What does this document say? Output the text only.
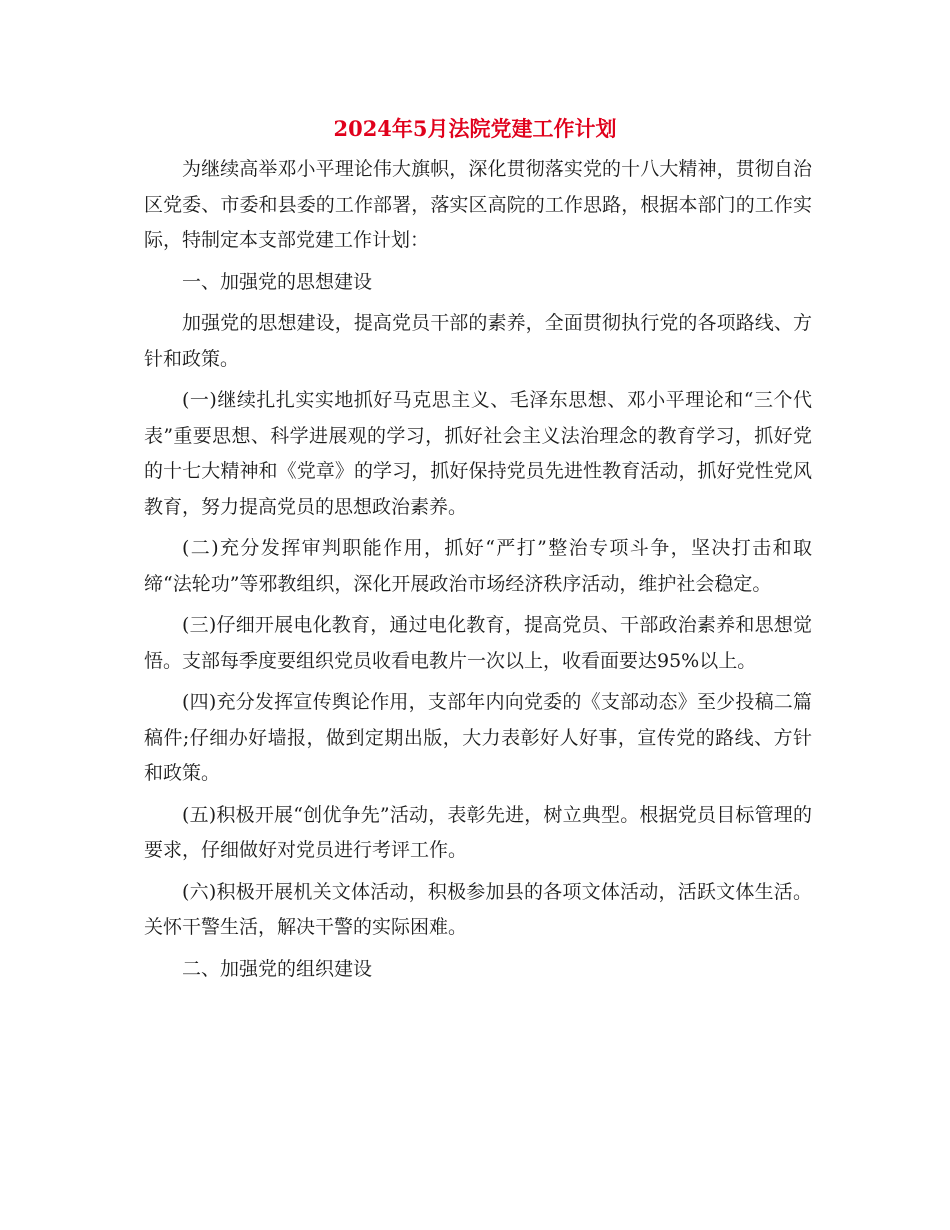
2024年5月法院党建工作计划

为继续高举邓小平理论伟大旗帜，深化贯彻落实党的十八大精神，贯彻自治区党委、市委和县委的工作部署，落实区高院的工作思路，根据本部门的工作实际，特制定本支部党建工作计划：

一、加强党的思想建设

加强党的思想建设，提高党员干部的素养，全面贯彻执行党的各项路线、方针和政策。

(一)继续扎扎实实地抓好马克思主义、毛泽东思想、邓小平理论和“三个代表”重要思想、科学进展观的学习，抓好社会主义法治理念的教育学习，抓好党的十七大精神和《党章》的学习，抓好保持党员先进性教育活动，抓好党性党风教育，努力提高党员的思想政治素养。

(二)充分发挥审判职能作用，抓好“严打”整治专项斗争，坚决打击和取缔“法轮功”等邪教组织，深化开展政治市场经济秩序活动，维护社会稳定。

(三)仔细开展电化教育，通过电化教育，提高党员、干部政治素养和思想觉悟。支部每季度要组织党员收看电教片一次以上，收看面要达95%以上。

(四)充分发挥宣传舆论作用，支部年内向党委的《支部动态》至少投稿二篇稿件;仔细办好墙报，做到定期出版，大力表彰好人好事，宣传党的路线、方针和政策。

(五)积极开展“创优争先”活动，表彰先进，树立典型。根据党员目标管理的要求，仔细做好对党员进行考评工作。

(六)积极开展机关文体活动，积极参加县的各项文体活动，活跃文体生活。关怀干警生活，解决干警的实际困难。

二、加强党的组织建设
